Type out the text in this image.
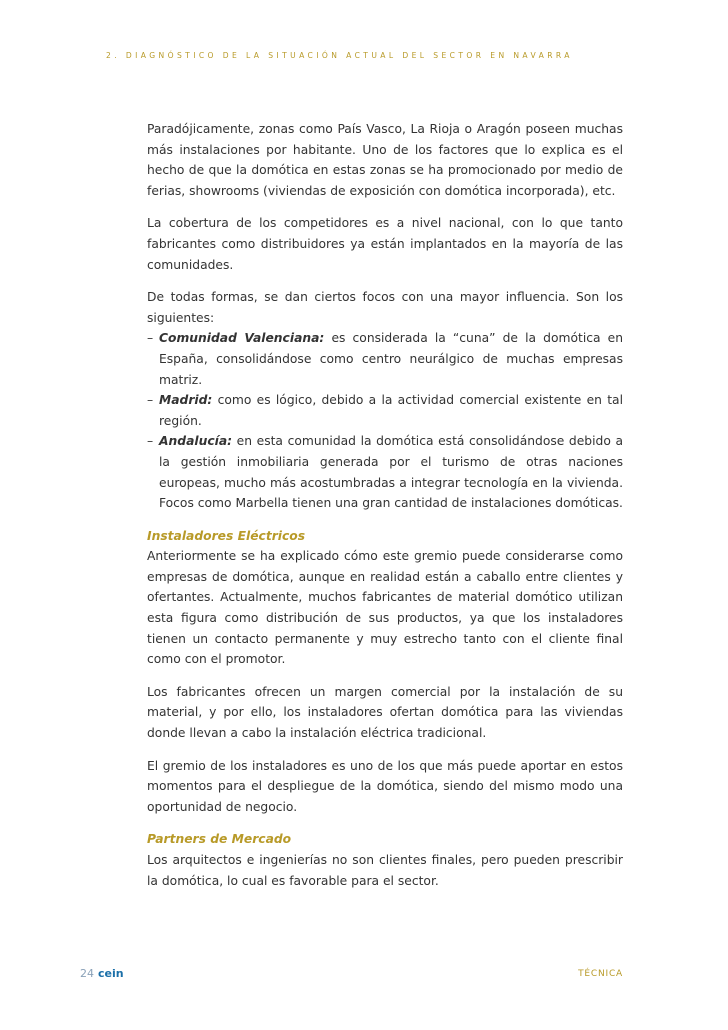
2. DIAGNÓSTICO DE LA SITUACIÓN ACTUAL DEL SECTOR EN NAVARRA

Paradójicamente, zonas como País Vasco, La Rioja o Aragón poseen muchas más instalaciones por habitante. Uno de los factores que lo explica es el hecho de que la domótica en estas zonas se ha promocionado por medio de ferias, showrooms (viviendas de exposición con domótica incorporada), etc.

La cobertura de los competidores es a nivel nacional, con lo que tanto fabricantes como distribuidores ya están implantados en la mayoría de las comunidades.

De todas formas, se dan ciertos focos con una mayor influencia. Son los siguientes:

– Comunidad Valenciana: es considerada la “cuna” de la domótica en España, consolidándose como centro neurálgico de muchas empresas matriz.
– Madrid: como es lógico, debido a la actividad comercial existente en tal región.
– Andalucía: en esta comunidad la domótica está consolidándose debido a la gestión inmobiliaria generada por el turismo de otras naciones europeas, mucho más acostumbradas a integrar tecnología en la vivienda. Focos como Marbella tienen una gran cantidad de instalaciones domóticas.

Instaladores Eléctricos

Anteriormente se ha explicado cómo este gremio puede considerarse como empresas de domótica, aunque en realidad están a caballo entre clientes y ofertantes. Actualmente, muchos fabricantes de material domótico utilizan esta figura como distribución de sus productos, ya que los instaladores tienen un contacto permanente y muy estrecho tanto con el cliente final como con el promotor.

Los fabricantes ofrecen un margen comercial por la instalación de su material, y por ello, los instaladores ofertan domótica para las viviendas donde llevan a cabo la instalación eléctrica tradicional.

El gremio de los instaladores es uno de los que más puede aportar en estos momentos para el despliegue de la domótica, siendo del mismo modo una oportunidad de negocio.

Partners de Mercado

Los arquitectos e ingenierías no son clientes finales, pero pueden prescribir la domótica, lo cual es favorable para el sector.

24 cein	TÉCNICA
